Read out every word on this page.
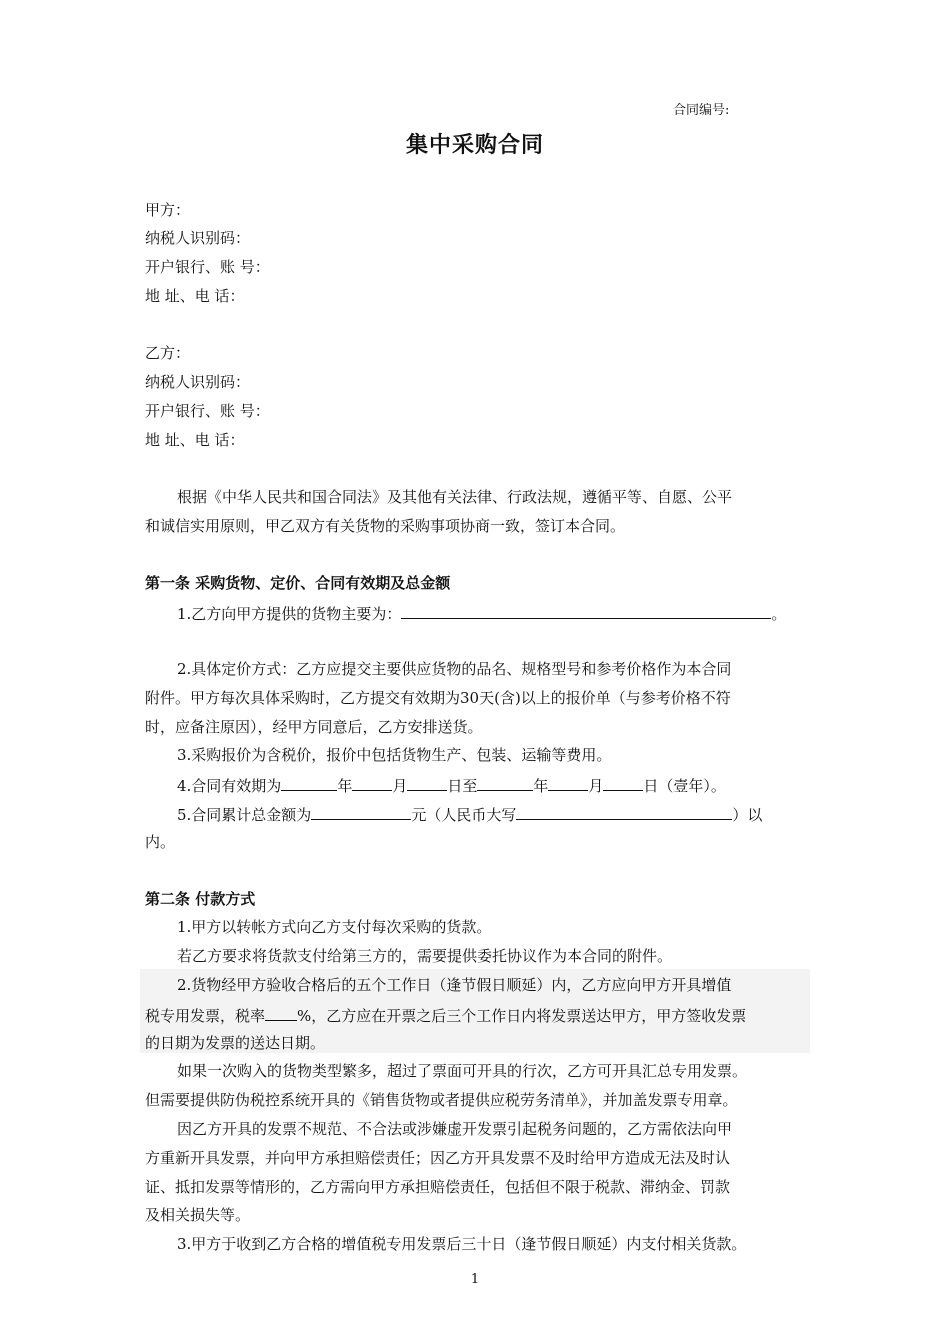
合同编号:
集中采购合同
甲方：
纳税人识别码：
开户银行、账 号：
地 址、电 话：
乙方：
纳税人识别码：
开户银行、账 号：
地 址、电 话：
根据《中华人民共和国合同法》及其他有关法律、行政法规，遵循平等、自愿、公平
和诚信实用原则，甲乙双方有关货物的采购事项协商一致，签订本合同。
第一条 采购货物、定价、合同有效期及总金额
1.乙方向甲方提供的货物主要为：	。
2.具体定价方式：乙方应提交主要供应货物的品名、规格型号和参考价格作为本合同
附件。甲方每次具体采购时，乙方提交有效期为30天(含)以上的报价单（与参考价格不符
时，应备注原因），经甲方同意后，乙方安排送货。
3.采购报价为含税价，报价中包括货物生产、包装、运输等费用。
4.合同有效期为	年	月	日至	年	月	日（壹年）。
5.合同累计总金额为	元（人民币大写	）以
内。
第二条 付款方式
1.甲方以转帐方式向乙方支付每次采购的货款。
若乙方要求将货款支付给第三方的，需要提供委托协议作为本合同的附件。
2.货物经甲方验收合格后的五个工作日（逢节假日顺延）内，乙方应向甲方开具增值
税专用发票，税率 %，乙方应在开票之后三个工作日内将发票送达甲方，甲方签收发票
的日期为发票的送达日期。
如果一次购入的货物类型繁多，超过了票面可开具的行次，乙方可开具汇总专用发票。
但需要提供防伪税控系统开具的《销售货物或者提供应税劳务清单》，并加盖发票专用章。
因乙方开具的发票不规范、不合法或涉嫌虚开发票引起税务问题的，乙方需依法向甲
方重新开具发票，并向甲方承担赔偿责任；因乙方开具发票不及时给甲方造成无法及时认
证、抵扣发票等情形的，乙方需向甲方承担赔偿责任，包括但不限于税款、滞纳金、罚款
及相关损失等。
3.甲方于收到乙方合格的增值税专用发票后三十日（逢节假日顺延）内支付相关货款。
1
